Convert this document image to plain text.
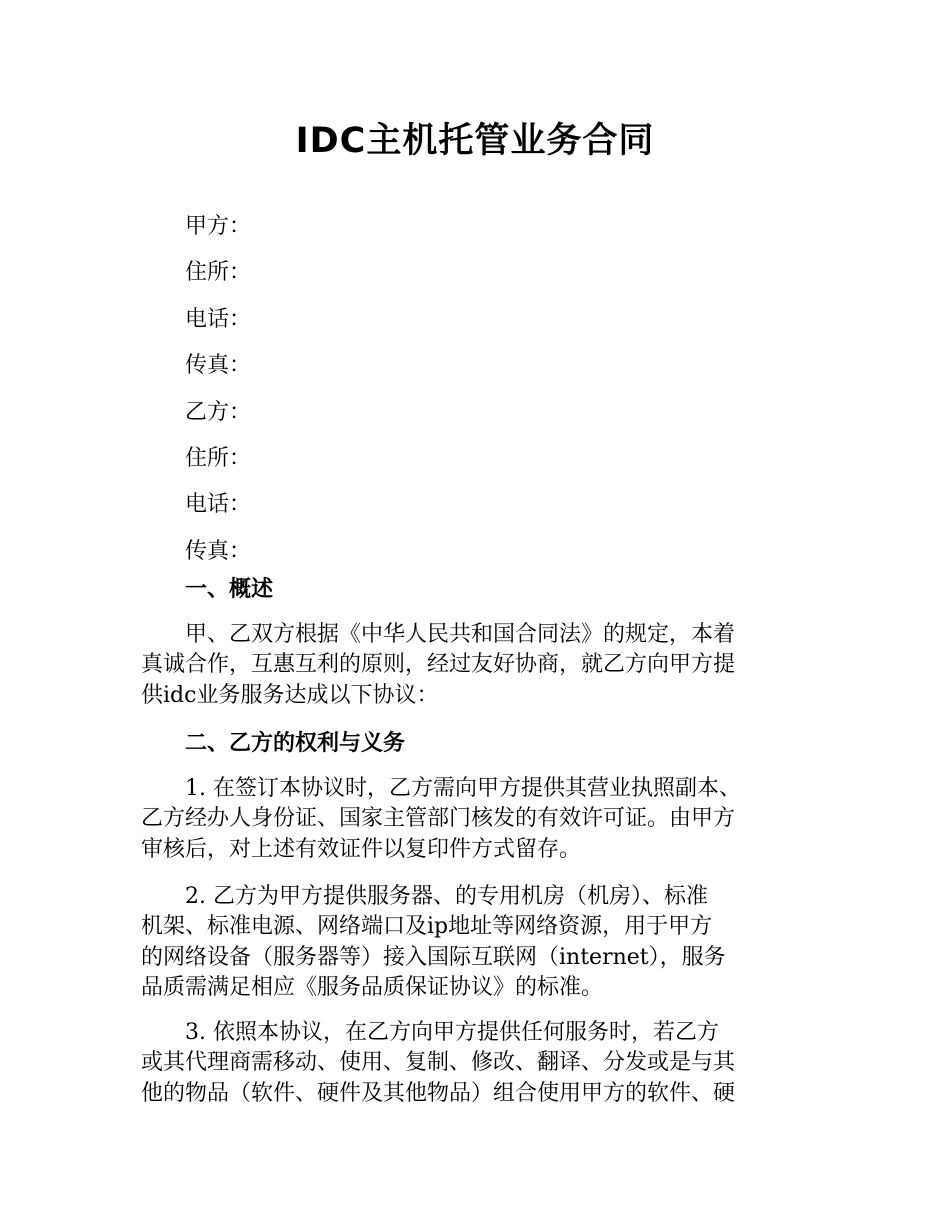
IDC主机托管业务合同
甲方：
住所：
电话：
传真：
乙方：
住所：
电话：
传真：
一、概述

甲、乙双方根据《中华人民共和国合同法》的规定，本着
真诚合作，互惠互利的原则，经过友好协商，就乙方向甲方提
供idc业务服务达成以下协议：

二、乙方的权利与义务

1. 在签订本协议时，乙方需向甲方提供其营业执照副本、
乙方经办人身份证、国家主管部门核发的有效许可证。由甲方
审核后，对上述有效证件以复印件方式留存。

2. 乙方为甲方提供服务器、的专用机房（机房）、标准
机架、标准电源、网络端口及ip地址等网络资源，用于甲方
的网络设备（服务器等）接入国际互联网（internet），服务
品质需满足相应《服务品质保证协议》的标准。

3. 依照本协议，在乙方向甲方提供任何服务时，若乙方
或其代理商需移动、使用、复制、修改、翻译、分发或是与其
他的物品（软件、硬件及其他物品）组合使用甲方的软件、硬
